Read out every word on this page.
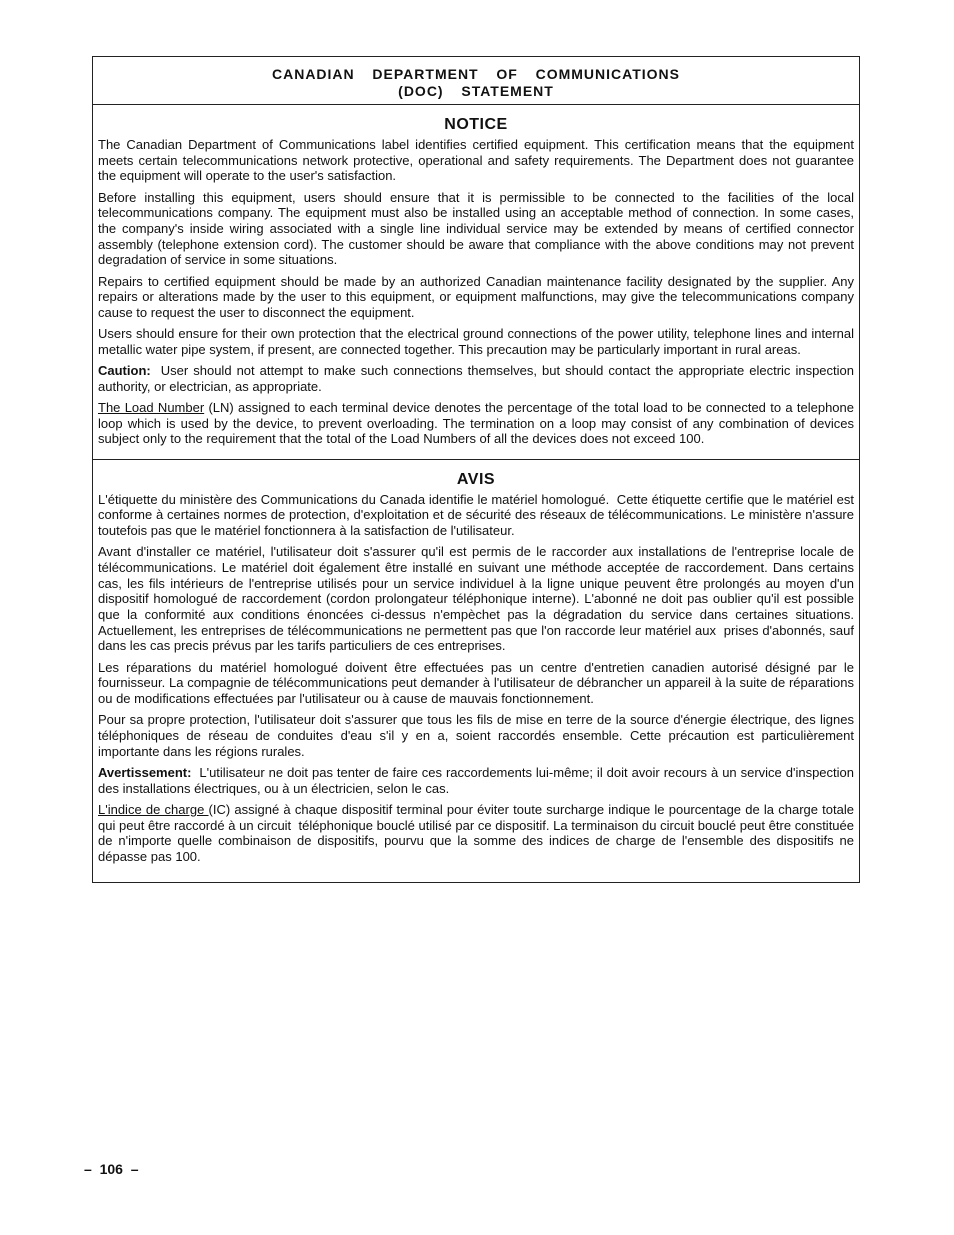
CANADIAN  DEPARTMENT  OF  COMMUNICATIONS
(DOC)  STATEMENT
NOTICE

The Canadian Department of Communications label identifies certified equipment. This certification means that the equipment meets certain telecommunications network protective, operational and safety requirements. The Department does not guarantee the equipment will operate to the user's satisfaction.

Before installing this equipment, users should ensure that it is permissible to be connected to the facilities of the local telecommunications company. The equipment must also be installed using an acceptable method of connection. In some cases, the company's inside wiring associated with a single line individual service may be extended by means of certified connector assembly (telephone extension cord). The customer should be aware that compliance with the above conditions may not prevent degradation of service in some situations.

Repairs to certified equipment should be made by an authorized Canadian maintenance facility designated by the supplier. Any repairs or alterations made by the user to this equipment, or equipment malfunctions, may give the telecommunications company cause to request the user to disconnect the equipment.

Users should ensure for their own protection that the electrical ground connections of the power utility, telephone lines and internal metallic water pipe system, if present, are connected together. This precaution may be particularly important in rural areas.

Caution:  User should not attempt to make such connections themselves, but should contact the appropriate electric inspection authority, or electrician, as appropriate.

The Load Number (LN) assigned to each terminal device denotes the percentage of the total load to be connected to a telephone loop which is used by the device, to prevent overloading. The termination on a loop may consist of any combination of devices subject only to the requirement that the total of the Load Numbers of all the devices does not exceed 100.

AVIS

L'étiquette du ministère des Communications du Canada identifie le matériel homologué.  Cette étiquette certifie que le matériel est conforme à certaines normes de protection, d'exploitation et de sécurité des réseaux de télécommunications. Le ministère n'assure toutefois pas que le matériel fonctionnera à la satisfaction de l'utilisateur.

Avant d'installer ce matériel, l'utilisateur doit s'assurer qu'il est permis de le raccorder aux installations de l'entreprise locale de télécommunications. Le matériel doit également être installé en suivant une méthode acceptée de raccordement. Dans certains cas, les fils intérieurs de l'entreprise utilisés pour un service individuel à la ligne unique peuvent être prolongés au moyen d'un dispositif homologué de raccordement (cordon prolongateur téléphonique interne). L'abonné ne doit pas oublier qu'il est possible que la conformité aux conditions énoncées ci-dessus n'empèchet pas la dégradation du service dans certaines situations. Actuellement, les entreprises de télécommunications ne permettent pas que l'on raccorde leur matériel aux  prises d'abonnés, sauf dans les cas precis prévus par les tarifs particuliers de ces entreprises.

Les réparations du matériel homologué doivent être effectuées pas un centre d'entretien canadien autorisé désigné par le fournisseur. La compagnie de télécommunications peut demander à l'utilisateur de débrancher un appareil à la suite de réparations ou de modifications effectuées par l'utilisateur ou à cause de mauvais fonctionnement.

Pour sa propre protection, l'utilisateur doit s'assurer que tous les fils de mise en terre de la source d'énergie électrique, des lignes téléphoniques de réseau de conduites d'eau s'il y en a, soient raccordés ensemble. Cette précaution est particulièrement importante dans les régions rurales.

Avertissement:  L'utilisateur ne doit pas tenter de faire ces raccordements lui-même; il doit avoir recours à un service d'inspection des installations électriques, ou à un électricien, selon le cas.

L'indice de charge (IC) assigné à chaque dispositif terminal pour éviter toute surcharge indique le pourcentage de la charge totale qui peut être raccordé à un circuit  téléphonique bouclé utilisé par ce dispositif. La terminaison du circuit bouclé peut être constituée de n'importe quelle combinaison de dispositifs, pourvu que la somme des indices de charge de l'ensemble des dispositifs ne dépasse pas 100.

–  106  –
